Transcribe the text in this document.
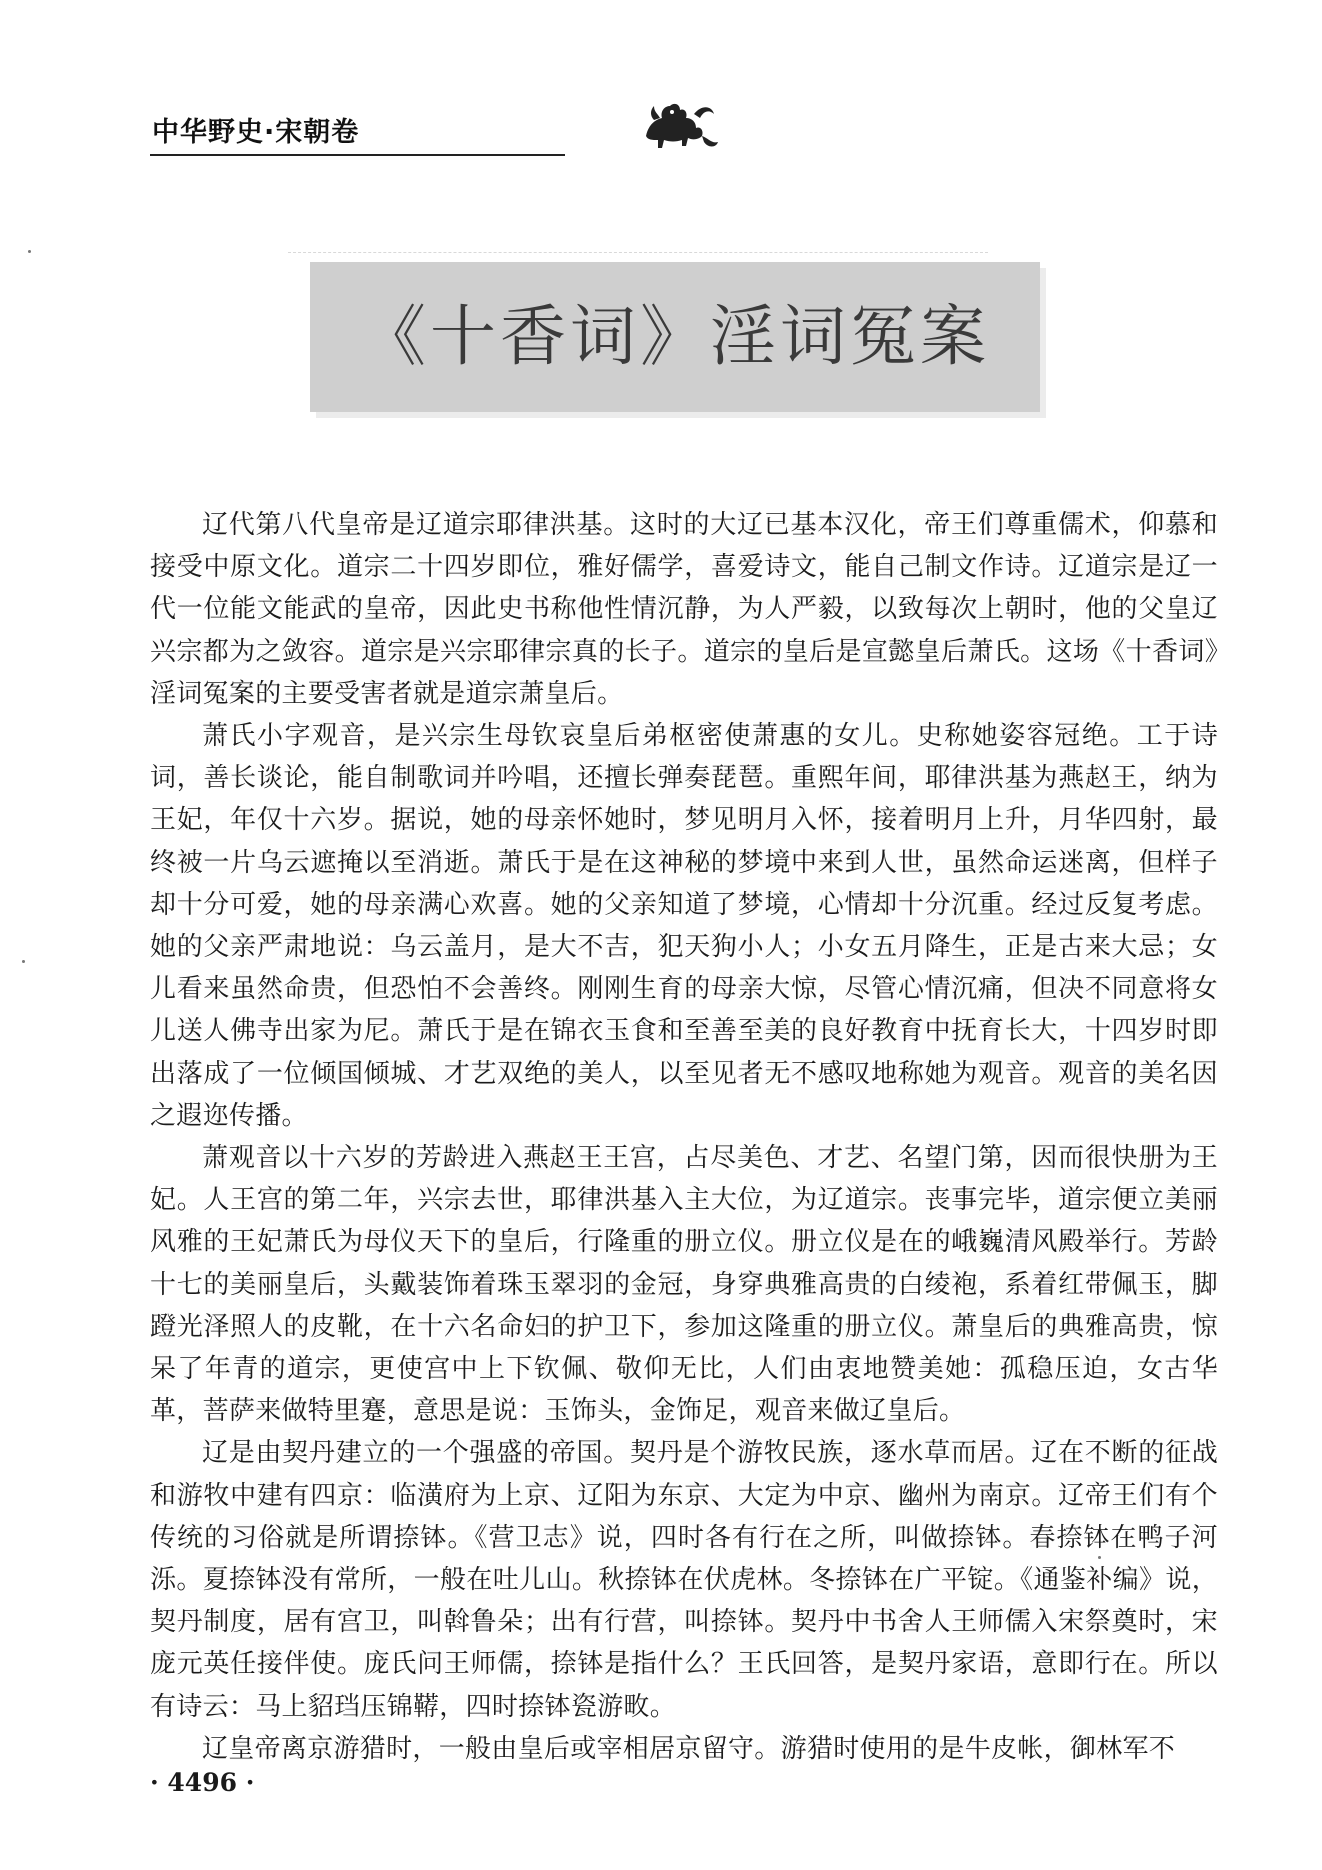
中华野史·宋朝卷
《十香词》淫词冤案

辽代第八代皇帝是辽道宗耶律洪基。这时的大辽已基本汉化，帝王们尊重儒术，仰慕和接受中原文化。道宗二十四岁即位，雅好儒学，喜爱诗文，能自己制文作诗。辽道宗是辽一代一位能文能武的皇帝，因此史书称他性情沉静，为人严毅，以致每次上朝时，他的父皇辽兴宗都为之敛容。道宗是兴宗耶律宗真的长子。道宗的皇后是宣懿皇后萧氏。这场《十香词》淫词冤案的主要受害者就是道宗萧皇后。

萧氏小字观音，是兴宗生母钦哀皇后弟枢密使萧惠的女儿。史称她姿容冠绝。工于诗词，善长谈论，能自制歌词并吟唱，还擅长弹奏琵琶。重熙年间，耶律洪基为燕赵王，纳为王妃，年仅十六岁。据说，她的母亲怀她时，梦见明月入怀，接着明月上升，月华四射，最终被一片乌云遮掩以至消逝。萧氏于是在这神秘的梦境中来到人世，虽然命运迷离，但样子却十分可爱，她的母亲满心欢喜。她的父亲知道了梦境，心情却十分沉重。经过反复考虑。她的父亲严肃地说：乌云盖月，是大不吉，犯天狗小人；小女五月降生，正是古来大忌；女儿看来虽然命贵，但恐怕不会善终。刚刚生育的母亲大惊，尽管心情沉痛，但决不同意将女儿送人佛寺出家为尼。萧氏于是在锦衣玉食和至善至美的良好教育中抚育长大，十四岁时即出落成了一位倾国倾城、才艺双绝的美人，以至见者无不感叹地称她为观音。观音的美名因之遐迩传播。

萧观音以十六岁的芳龄进入燕赵王王宫，占尽美色、才艺、名望门第，因而很快册为王妃。人王宫的第二年，兴宗去世，耶律洪基入主大位，为辽道宗。丧事完毕，道宗便立美丽风雅的王妃萧氏为母仪天下的皇后，行隆重的册立仪。册立仪是在的峨巍清风殿举行。芳龄十七的美丽皇后，头戴装饰着珠玉翠羽的金冠，身穿典雅高贵的白绫袍，系着红带佩玉，脚蹬光泽照人的皮靴，在十六名命妇的护卫下，参加这隆重的册立仪。萧皇后的典雅高贵，惊呆了年青的道宗，更使宫中上下钦佩、敬仰无比，人们由衷地赞美她：孤稳压迫，女古华革，菩萨来做特里蹇，意思是说：玉饰头，金饰足，观音来做辽皇后。

辽是由契丹建立的一个强盛的帝国。契丹是个游牧民族，逐水草而居。辽在不断的征战和游牧中建有四京：临潢府为上京、辽阳为东京、大定为中京、幽州为南京。辽帝王们有个传统的习俗就是所谓捺钵。《营卫志》说，四时各有行在之所，叫做捺钵。春捺钵在鸭子河泺。夏捺钵没有常所，一般在吐儿山。秋捺钵在伏虎林。冬捺钵在广平锭。《通鉴补编》说，契丹制度，居有宫卫，叫斡鲁朵；出有行营，叫捺钵。契丹中书舍人王师儒入宋祭奠时，宋庞元英任接伴使。庞氏问王师儒，捺钵是指什么？王氏回答，是契丹家语，意即行在。所以有诗云：马上貂珰压锦鞯，四时捺钵瓷游畋。

辽皇帝离京游猎时，一般由皇后或宰相居京留守。游猎时使用的是牛皮帐，御林军不

· 4496 ·
